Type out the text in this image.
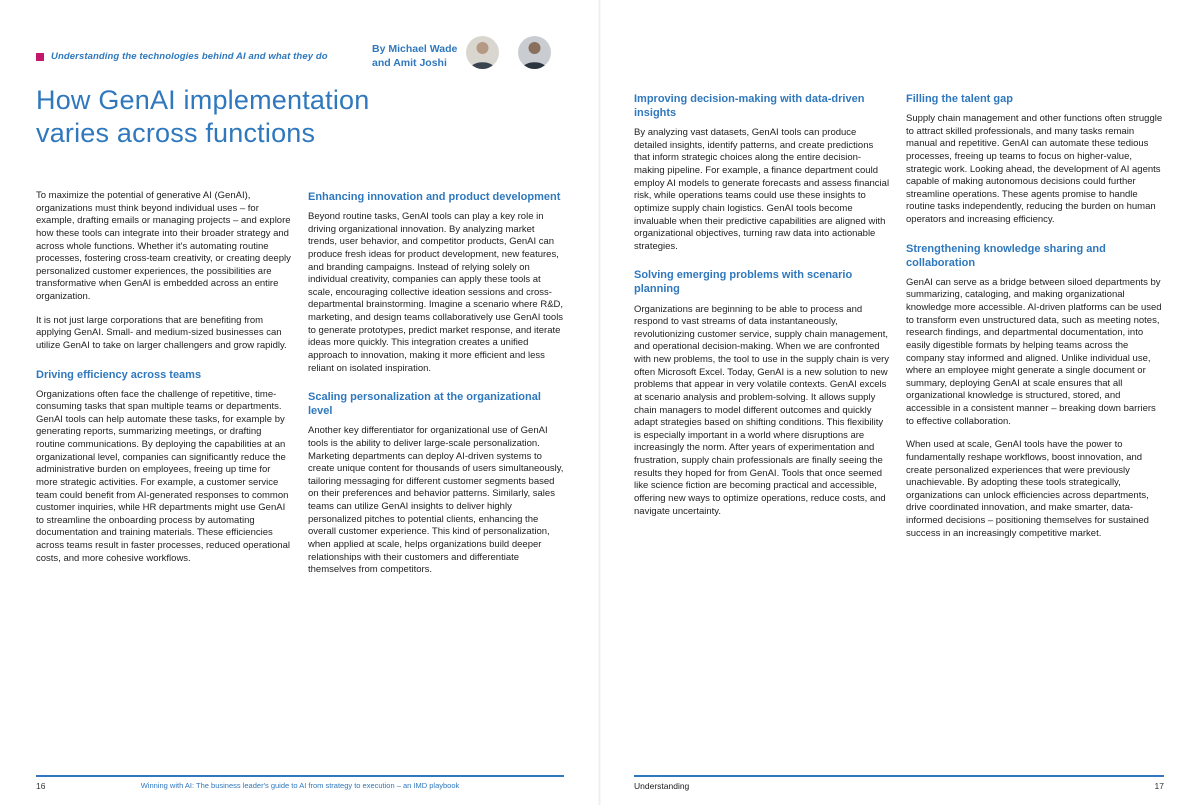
Understanding the technologies behind AI and what they do
By Michael Wade
and Amit Joshi
How GenAI implementation varies across functions

To maximize the potential of generative AI (GenAI), organizations must think beyond individual uses – for example, drafting emails or managing projects – and explore how these tools can integrate into their broader strategy and across whole functions. Whether it's automating routine processes, fostering cross-team creativity, or creating deeply personalized customer experiences, the possibilities are transformative when GenAI is embedded across an entire organization.

It is not just large corporations that are benefiting from applying GenAI. Small- and medium-sized businesses can utilize GenAI to take on larger challengers and grow rapidly.

Driving efficiency across teams

Organizations often face the challenge of repetitive, time-consuming tasks that span multiple teams or departments. GenAI tools can help automate these tasks, for example by generating reports, summarizing meetings, or drafting routine communications. By deploying the capabilities at an organizational level, companies can significantly reduce the administrative burden on employees, freeing up time for more strategic activities. For example, a customer service team could benefit from AI-generated responses to common customer inquiries, while HR departments might use GenAI to streamline the onboarding process by automating documentation and training materials. These efficiencies across teams result in faster processes, reduced operational costs, and more cohesive workflows.

Enhancing innovation and product development

Beyond routine tasks, GenAI tools can play a key role in driving organizational innovation. By analyzing market trends, user behavior, and competitor products, GenAI can produce fresh ideas for product development, new features, and branding campaigns. Instead of relying solely on individual creativity, companies can apply these tools at scale, encouraging collective ideation sessions and cross-departmental brainstorming. Imagine a scenario where R&D, marketing, and design teams collaboratively use GenAI tools to generate prototypes, predict market response, and iterate ideas more quickly. This integration creates a unified approach to innovation, making it more efficient and less reliant on isolated inspiration.

Scaling personalization at the organizational level

Another key differentiator for organizational use of GenAI tools is the ability to deliver large-scale personalization. Marketing departments can deploy AI-driven systems to create unique content for thousands of users simultaneously, tailoring messaging for different customer segments based on their preferences and behavior patterns. Similarly, sales teams can utilize GenAI insights to deliver highly personalized pitches to potential clients, enhancing the overall customer experience. This kind of personalization, when applied at scale, helps organizations build deeper relationships with their customers and differentiate themselves from competitors.

Improving decision-making with data-driven insights

By analyzing vast datasets, GenAI tools can produce detailed insights, identify patterns, and create predictions that inform strategic choices along the entire decision-making pipeline. For example, a finance department could employ AI models to generate forecasts and assess financial risk, while operations teams could use these insights to optimize supply chain logistics. GenAI tools become invaluable when their predictive capabilities are aligned with organizational objectives, turning raw data into actionable strategies.

Solving emerging problems with scenario planning

Organizations are beginning to be able to process and respond to vast streams of data instantaneously, revolutionizing customer service, supply chain management, and operational decision-making. When we are confronted with new problems, the tool to use in the supply chain is very often Microsoft Excel. Today, GenAI is a new solution to new problems that appear in very volatile contexts. GenAI excels at scenario analysis and problem-solving. It allows supply chain managers to model different outcomes and quickly adapt strategies based on shifting conditions. This flexibility is especially important in a world where disruptions are increasingly the norm. After years of experimentation and frustration, supply chain professionals are finally seeing the results they hoped for from GenAI. Tools that once seemed like science fiction are becoming practical and accessible, offering new ways to optimize operations, reduce costs, and navigate uncertainty.

Filling the talent gap

Supply chain management and other functions often struggle to attract skilled professionals, and many tasks remain manual and repetitive. GenAI can automate these tedious processes, freeing up teams to focus on higher-value, strategic work. Looking ahead, the development of AI agents capable of making autonomous decisions could further streamline operations. These agents promise to handle routine tasks independently, reducing the burden on human operators and increasing efficiency.

Strengthening knowledge sharing and collaboration

GenAI can serve as a bridge between siloed departments by summarizing, cataloging, and making organizational knowledge more accessible. AI-driven platforms can be used to transform even unstructured data, such as meeting notes, research findings, and departmental documentation, into easily digestible formats by helping teams across the company stay informed and aligned. Unlike individual use, where an employee might generate a single document or summary, deploying GenAI at scale ensures that all organizational knowledge is structured, stored, and accessible in a consistent manner – breaking down barriers to effective collaboration.

When used at scale, GenAI tools have the power to fundamentally reshape workflows, boost innovation, and create personalized experiences that were previously unachievable. By adopting these tools strategically, organizations can unlock efficiencies across departments, drive coordinated innovation, and make smarter, data-informed decisions – positioning themselves for sustained success in an increasingly competitive market.

16	Winning with AI: The business leader's guide to AI from strategy to execution – an IMD playbook	Understanding	17
